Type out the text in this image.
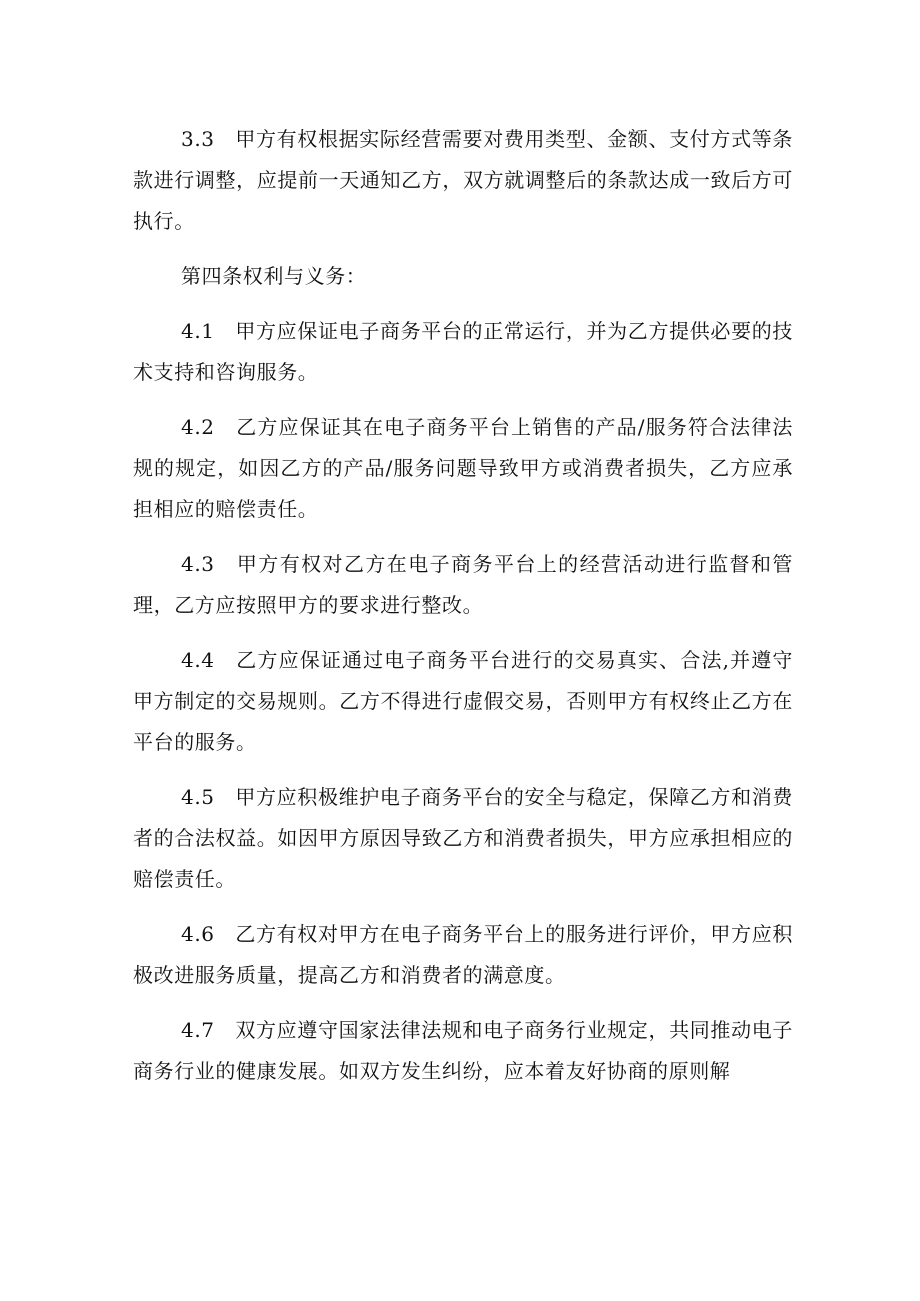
3.3　甲方有权根据实际经营需要对费用类型、金额、支付方式等条款进行调整，应提前一天通知乙方，双方就调整后的条款达成一致后方可执行。

第四条权利与义务：

4.1　甲方应保证电子商务平台的正常运行，并为乙方提供必要的技术支持和咨询服务。

4.2　乙方应保证其在电子商务平台上销售的产品/服务符合法律法规的规定，如因乙方的产品/服务问题导致甲方或消费者损失，乙方应承担相应的赔偿责任。

4.3　甲方有权对乙方在电子商务平台上的经营活动进行监督和管理，乙方应按照甲方的要求进行整改。

4.4　乙方应保证通过电子商务平台进行的交易真实、合法,并遵守甲方制定的交易规则。乙方不得进行虚假交易，否则甲方有权终止乙方在平台的服务。

4.5　甲方应积极维护电子商务平台的安全与稳定，保障乙方和消费者的合法权益。如因甲方原因导致乙方和消费者损失，甲方应承担相应的赔偿责任。

4.6　乙方有权对甲方在电子商务平台上的服务进行评价，甲方应积极改进服务质量，提高乙方和消费者的满意度。

4.7　双方应遵守国家法律法规和电子商务行业规定，共同推动电子商务行业的健康发展。如双方发生纠纷，应本着友好协商的原则解
